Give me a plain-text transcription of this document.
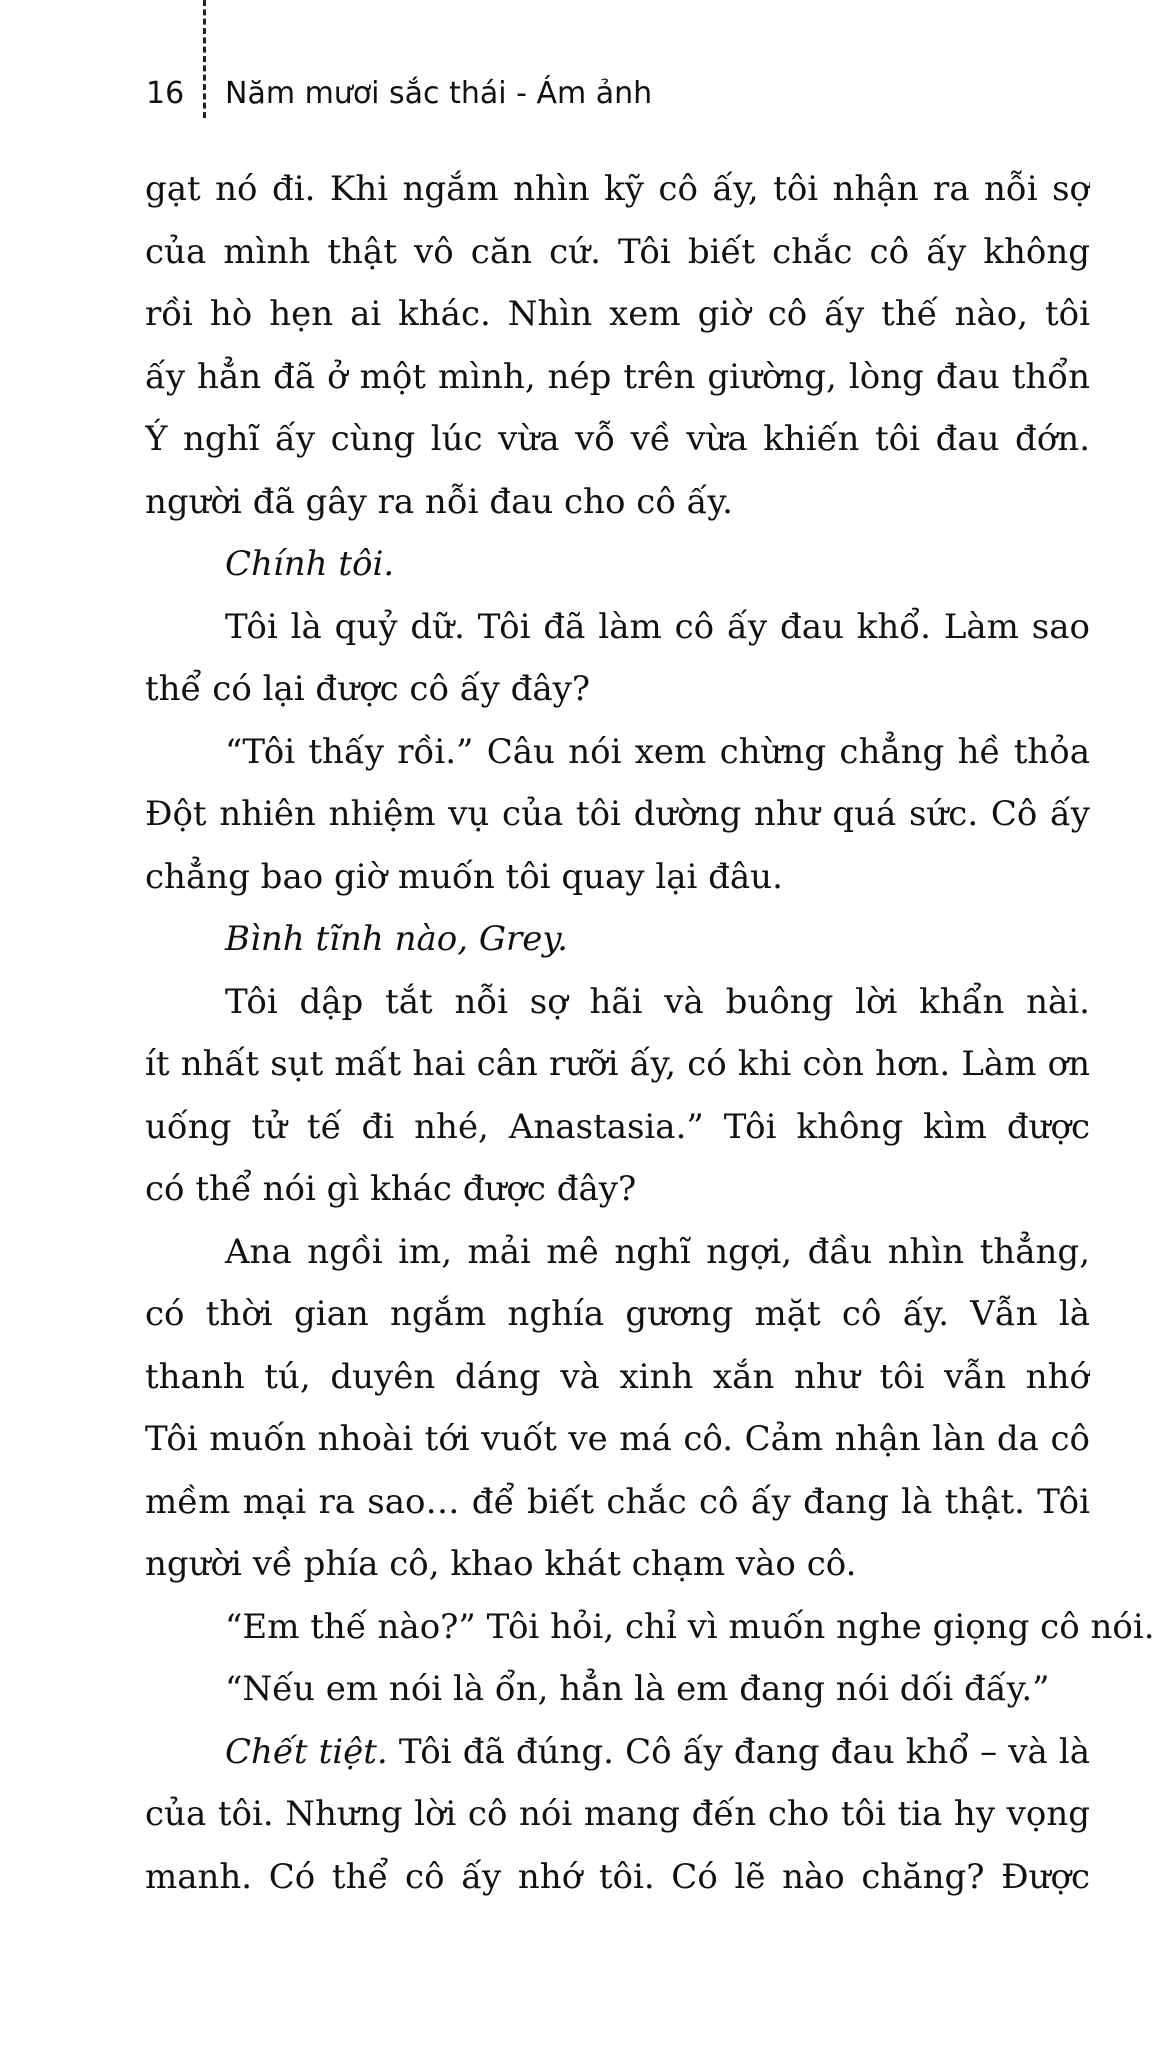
16 Năm mươi sắc thái - Ám ảnh
gạt nó đi. Khi ngắm nhìn kỹ cô ấy, tôi nhận ra nỗi sợ
của mình thật vô căn cứ. Tôi biết chắc cô ấy không
rồi hò hẹn ai khác. Nhìn xem giờ cô ấy thế nào, tôi
ấy hẳn đã ở một mình, nép trên giường, lòng đau thổn
Ý nghĩ ấy cùng lúc vừa vỗ về vừa khiến tôi đau đớn.
người đã gây ra nỗi đau cho cô ấy.
Chính tôi.
Tôi là quỷ dữ. Tôi đã làm cô ấy đau khổ. Làm sao
thể có lại được cô ấy đây?
“Tôi thấy rồi.” Câu nói xem chừng chẳng hề thỏa
Đột nhiên nhiệm vụ của tôi dường như quá sức. Cô ấy
chẳng bao giờ muốn tôi quay lại đâu.
Bình tĩnh nào, Grey.
Tôi dập tắt nỗi sợ hãi và buông lời khẩn nài.
ít nhất sụt mất hai cân rưỡi ấy, có khi còn hơn. Làm ơn
uống tử tế đi nhé, Anastasia.” Tôi không kìm được
có thể nói gì khác được đây?
Ana ngồi im, mải mê nghĩ ngợi, đầu nhìn thẳng,
có thời gian ngắm nghía gương mặt cô ấy. Vẫn là
thanh tú, duyên dáng và xinh xắn như tôi vẫn nhớ
Tôi muốn nhoài tới vuốt ve má cô. Cảm nhận làn da cô
mềm mại ra sao… để biết chắc cô ấy đang là thật. Tôi
người về phía cô, khao khát chạm vào cô.
“Em thế nào?” Tôi hỏi, chỉ vì muốn nghe giọng cô nói.
“Nếu em nói là ổn, hẳn là em đang nói dối đấy.”
Chết tiệt. Tôi đã đúng. Cô ấy đang đau khổ – và là
của tôi. Nhưng lời cô nói mang đến cho tôi tia hy vọng
manh. Có thể cô ấy nhớ tôi. Có lẽ nào chăng? Được
